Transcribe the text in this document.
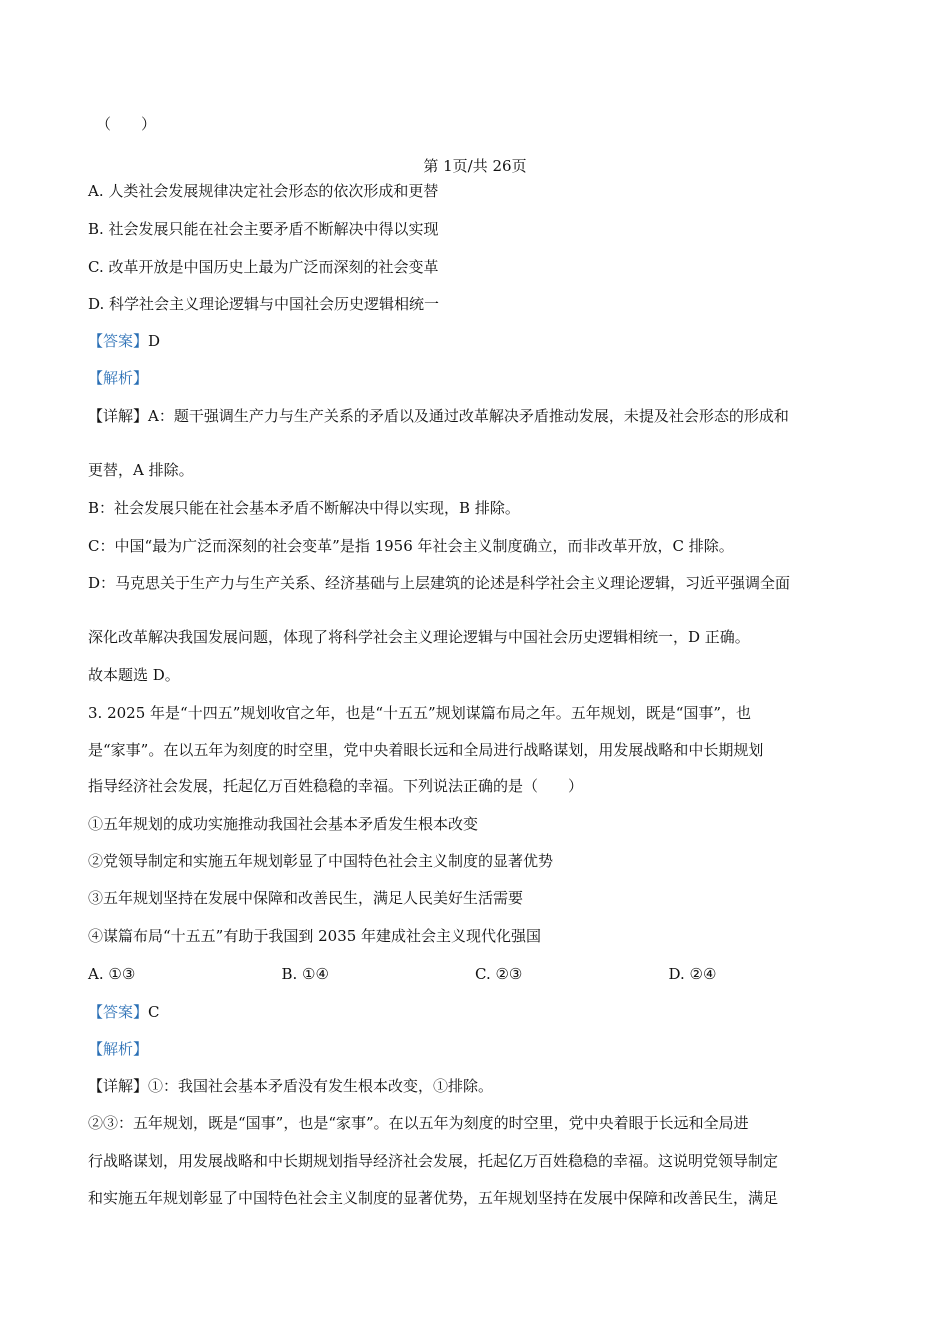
（　　）
第 1页/共 26页
A. 人类社会发展规律决定社会形态的依次形成和更替
B. 社会发展只能在社会主要矛盾不断解决中得以实现
C. 改革开放是中国历史上最为广泛而深刻的社会变革
D. 科学社会主义理论逻辑与中国社会历史逻辑相统一
【答案】D
【解析】
【详解】A：题干强调生产力与生产关系的矛盾以及通过改革解决矛盾推动发展，未提及社会形态的形成和
更替，A 排除。
B：社会发展只能在社会基本矛盾不断解决中得以实现，B 排除。
C：中国“最为广泛而深刻的社会变革”是指 1956 年社会主义制度确立，而非改革开放，C 排除。
D：马克思关于生产力与生产关系、经济基础与上层建筑的论述是科学社会主义理论逻辑，习近平强调全面
深化改革解决我国发展问题，体现了将科学社会主义理论逻辑与中国社会历史逻辑相统一，D 正确。
故本题选 D。
3. 2025 年是“十四五”规划收官之年，也是“十五五”规划谋篇布局之年。五年规划，既是“国事”，也
是“家事”。在以五年为刻度的时空里，党中央着眼长远和全局进行战略谋划，用发展战略和中长期规划
指导经济社会发展，托起亿万百姓稳稳的幸福。下列说法正确的是（　　）
①五年规划的成功实施推动我国社会基本矛盾发生根本改变
②党领导制定和实施五年规划彰显了中国特色社会主义制度的显著优势
③五年规划坚持在发展中保障和改善民生，满足人民美好生活需要
④谋篇布局“十五五”有助于我国到 2035 年建成社会主义现代化强国
A. ①③	B. ①④	C. ②③	D. ②④
【答案】C
【解析】
【详解】①：我国社会基本矛盾没有发生根本改变，①排除。
②③：五年规划，既是“国事”，也是“家事”。在以五年为刻度的时空里，党中央着眼于长远和全局进
行战略谋划，用发展战略和中长期规划指导经济社会发展，托起亿万百姓稳稳的幸福。这说明党领导制定
和实施五年规划彰显了中国特色社会主义制度的显著优势，五年规划坚持在发展中保障和改善民生，满足
